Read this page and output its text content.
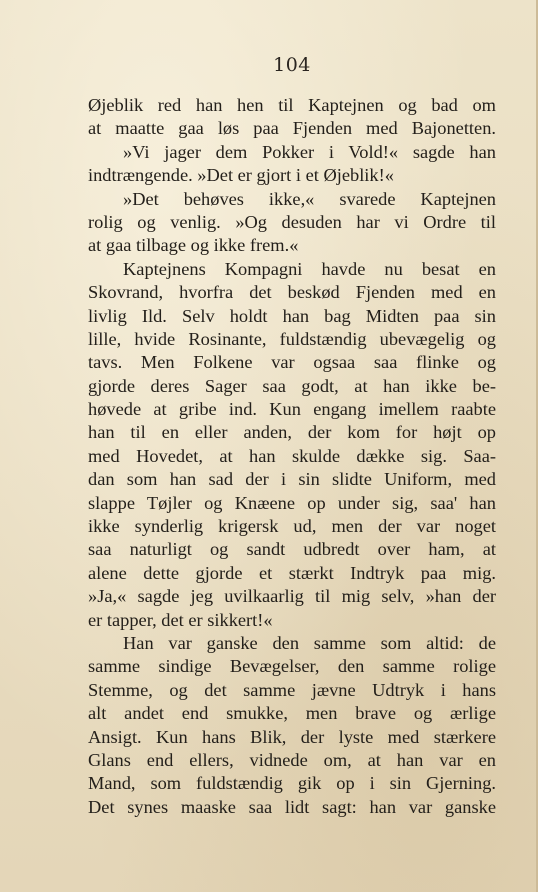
104
Øjeblik red han hen til Kaptejnen og bad om
at maatte gaa løs paa Fjenden med Bajonetten.
»Vi jager dem Pokker i Vold!« sagde han
indtrængende. »Det er gjort i et Øjeblik!«
»Det behøves ikke,« svarede Kaptejnen
rolig og venlig. »Og desuden har vi Ordre til
at gaa tilbage og ikke frem.«
Kaptejnens Kompagni havde nu besat en
Skovrand, hvorfra det beskød Fjenden med en
livlig Ild. Selv holdt han bag Midten paa sin
lille, hvide Rosinante, fuldstændig ubevægelig og
tavs. Men Folkene var ogsaa saa flinke og
gjorde deres Sager saa godt, at han ikke be-
høvede at gribe ind. Kun engang imellem raabte
han til en eller anden, der kom for højt op
med Hovedet, at han skulde dække sig. Saa-
dan som han sad der i sin slidte Uniform, med
slappe Tøjler og Knæene op under sig, saa' han
ikke synderlig krigersk ud, men der var noget
saa naturligt og sandt udbredt over ham, at
alene dette gjorde et stærkt Indtryk paa mig.
»Ja,« sagde jeg uvilkaarlig til mig selv, »han der
er tapper, det er sikkert!«
Han var ganske den samme som altid: de
samme sindige Bevægelser, den samme rolige
Stemme, og det samme jævne Udtryk i hans
alt andet end smukke, men brave og ærlige
Ansigt. Kun hans Blik, der lyste med stærkere
Glans end ellers, vidnede om, at han var en
Mand, som fuldstændig gik op i sin Gjerning.
Det synes maaske saa lidt sagt: han var ganske
